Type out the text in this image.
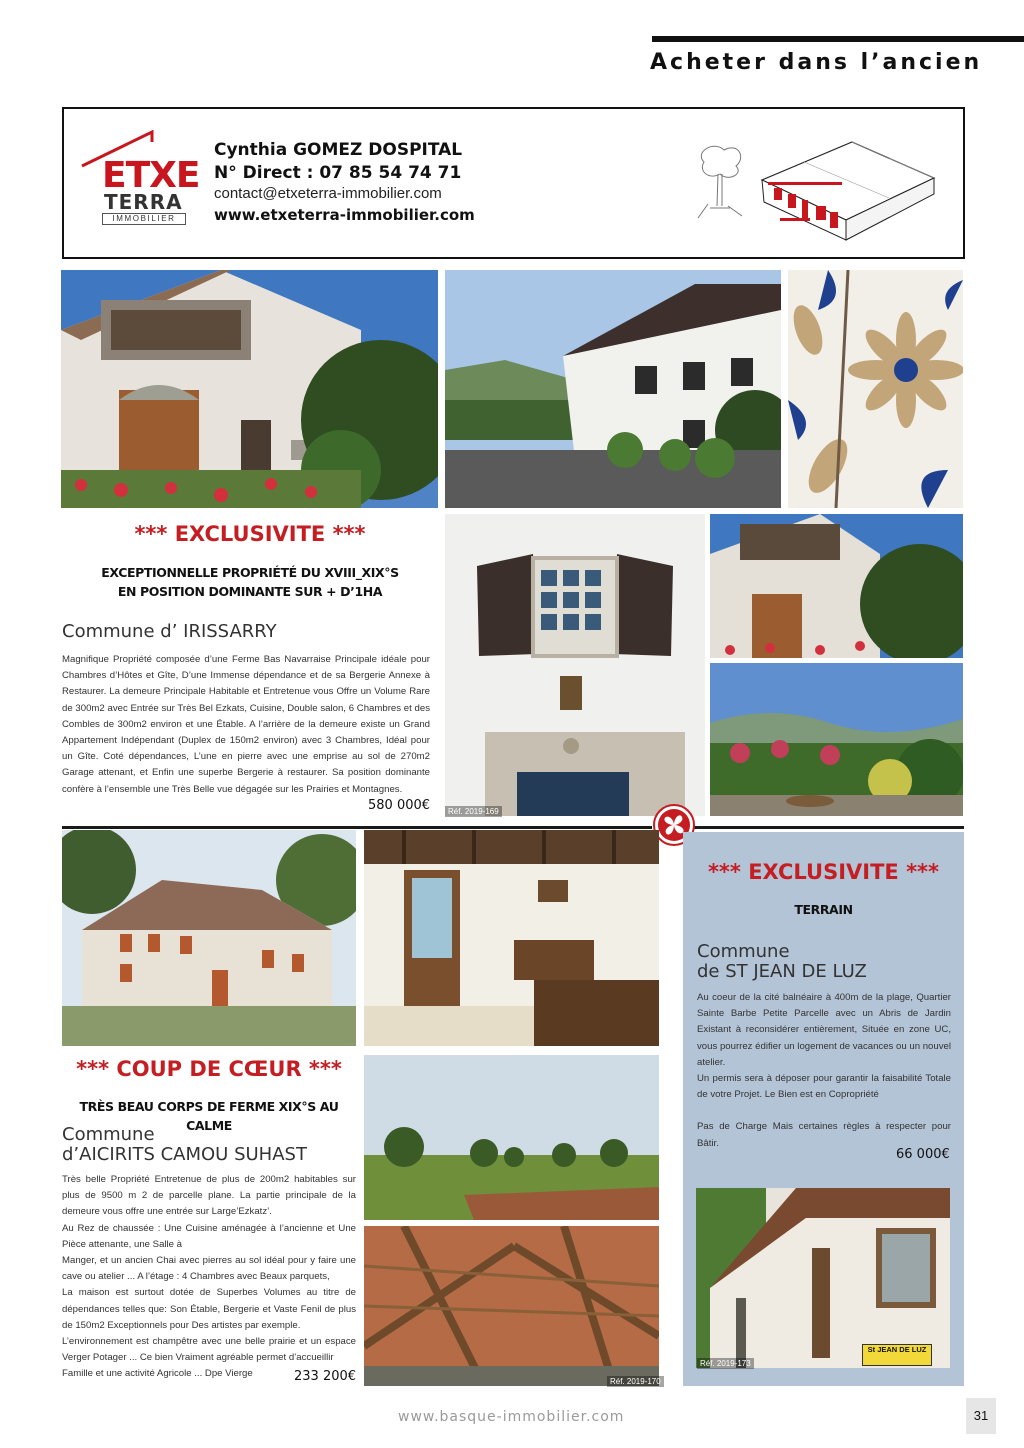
Acheter dans l’ancien
ETXE
TERRA
IMMOBILIER
Cynthia GOMEZ DOSPITAL
N° Direct : 07 85 54 74 71
contact@etxeterra-immobilier.com
www.etxeterra-immobilier.com
*** EXCLUSIVITE ***
EXCEPTIONNELLE PROPRIÉTÉ DU XVIII_XIX°S
EN POSITION DOMINANTE SUR + D’1HA
Commune d’ IRISSARRY
Magnifique Propriété composée d’une Ferme Bas Navarraise Principale idéale pour Chambres d’Hôtes et Gîte, D’une Immense dépendance et de sa Bergerie Annexe à Restaurer. La demeure Principale Habitable et Entretenue vous Offre un Volume Rare de 300m2 avec Entrée sur Très Bel Ezkats, Cuisine, Double salon, 6 Chambres et des Combles de 300m2 environ et une Étable. A l’arrière de la demeure existe un Grand Appartement Indépendant (Duplex de 150m2 environ) avec 3 Chambres, Idéal pour un Gîte. Coté dépendances, L’une en pierre avec une emprise au sol de 270m2 Garage attenant, et Enfin une superbe Bergerie à restaurer. Sa position dominante confère à l’ensemble une Très Belle vue dégagée sur les Prairies et Montagnes.
580 000€	Réf. 2019-169
*** COUP DE CŒUR ***
TRÈS BEAU CORPS DE FERME XIX°S AU CALME
Commune
d’AICIRITS CAMOU SUHAST

Très belle Propriété Entretenue de plus de 200m2 habitables sur plus de 9500 m 2 de parcelle plane. La partie principale de la demeure vous offre une entrée sur Large’Ezkatz’.

Au Rez de chaussée : Une Cuisine aménagée à l’ancienne et Une Pièce attenante, une Salle à

Manger, et un ancien Chai avec pierres au sol idéal pour y faire une cave ou atelier ... A l’étage : 4 Chambres avec Beaux parquets,

La maison est surtout dotée de Superbes Volumes au titre de dépendances telles que: Son Étable, Bergerie et Vaste Fenil de plus de 150m2 Exceptionnels pour Des artistes par exemple.

L’environnement est champêtre avec une belle prairie et un espace Verger Potager ... Ce bien Vraiment agréable permet d’accueillir

Famille et une activité Agricole ... Dpe Vierge	233 200€	Réf. 2019-170
*** EXCLUSIVITE ***
TERRAIN
Commune
de ST JEAN DE LUZ

Au coeur de la cité balnéaire à 400m de la plage, Quartier Sainte Barbe Petite Parcelle avec un Abris de Jardin Existant à reconsidérer entièrement, Située en zone UC, vous pourrez édifier un logement de vacances ou un nouvel atelier.

Un permis sera à déposer pour garantir la faisabilité Totale de votre Projet. Le Bien est en Copropriété

Pas de Charge Mais certaines règles à respecter pour Bâtir.

66 000€
Réf. 2019-173
St JEAN DE LUZ
www.basque-immobilier.com	31
